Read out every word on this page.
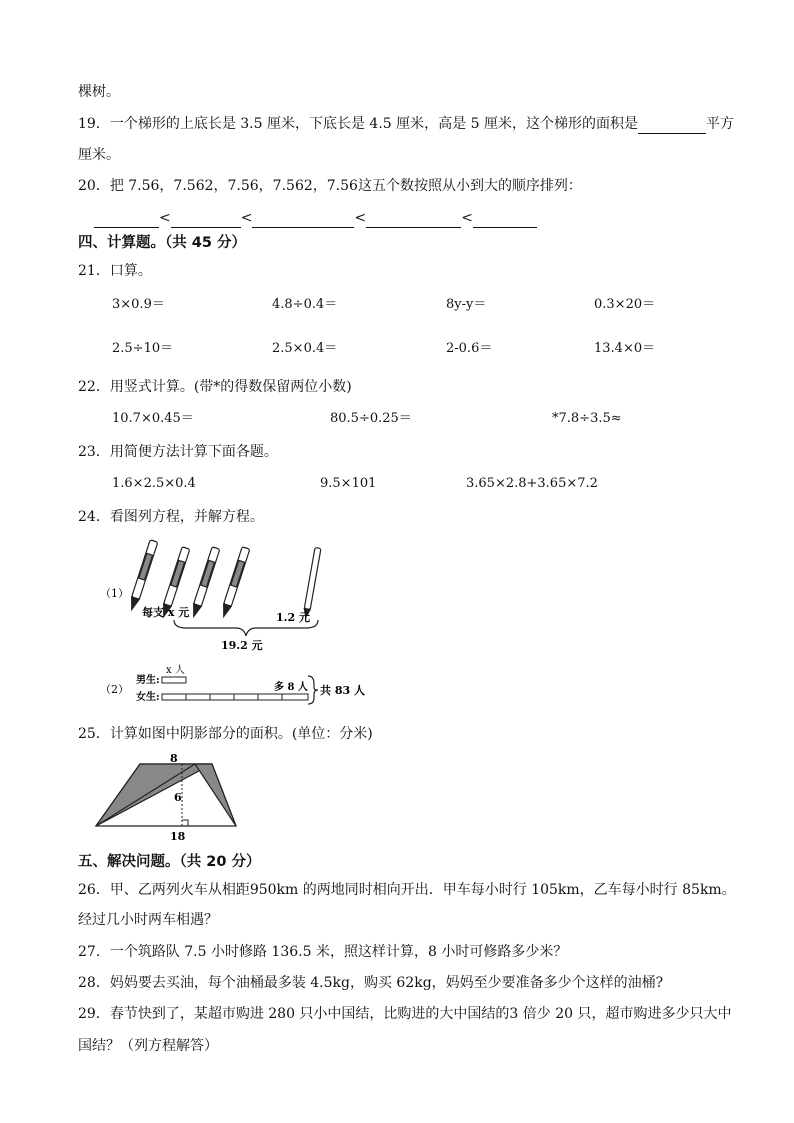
棵树。
19．一个梯形的上底长是 3.5 厘米，下底长是 4.5 厘米，高是 5 厘米，这个梯形的面积是	平方
厘米。
20．把 7.56，7.562，7.56，7.562，7.56这五个数按照从小到大的顺序排列：
<	<	<	<
四、计算题。（共 45 分）
21．口算。
3×0.9＝	4.8÷0.4＝	8y-y＝	0.3×20＝
2.5÷10＝	2.5×0.4＝	2-0.6＝	13.4×0＝
22．用竖式计算。(带*的得数保留两位小数)
10.7×0.45＝	80.5÷0.25＝	*7.8÷3.5≈
23．用简便方法计算下面各题。
1.6×2.5×0.4	9.5×101	3.65×2.8+3.65×7.2
24．看图列方程，并解方程。
（1）
每支 x 元	1.2 元
19.2 元
（2）
男生:
女生:
x 人
多 8 人 共 83 人
25．计算如图中阴影部分的面积。(单位：分米)
8
6
18
五、解决问题。（共 20 分）
26．甲、乙两列火车从相距950km 的两地同时相向开出．甲车每小时行 105km，乙车每小时行 85km。
经过几小时两车相遇？
27．一个筑路队 7.5 小时修路 136.5 米，照这样计算，8 小时可修路多少米？
28．妈妈要去买油，每个油桶最多装 4.5kg，购买 62kg，妈妈至少要准备多少个这样的油桶?
29．春节快到了，某超市购进 280 只小中国结，比购进的大中国结的3 倍少 20 只，超市购进多少只大中
国结？（列方程解答）
